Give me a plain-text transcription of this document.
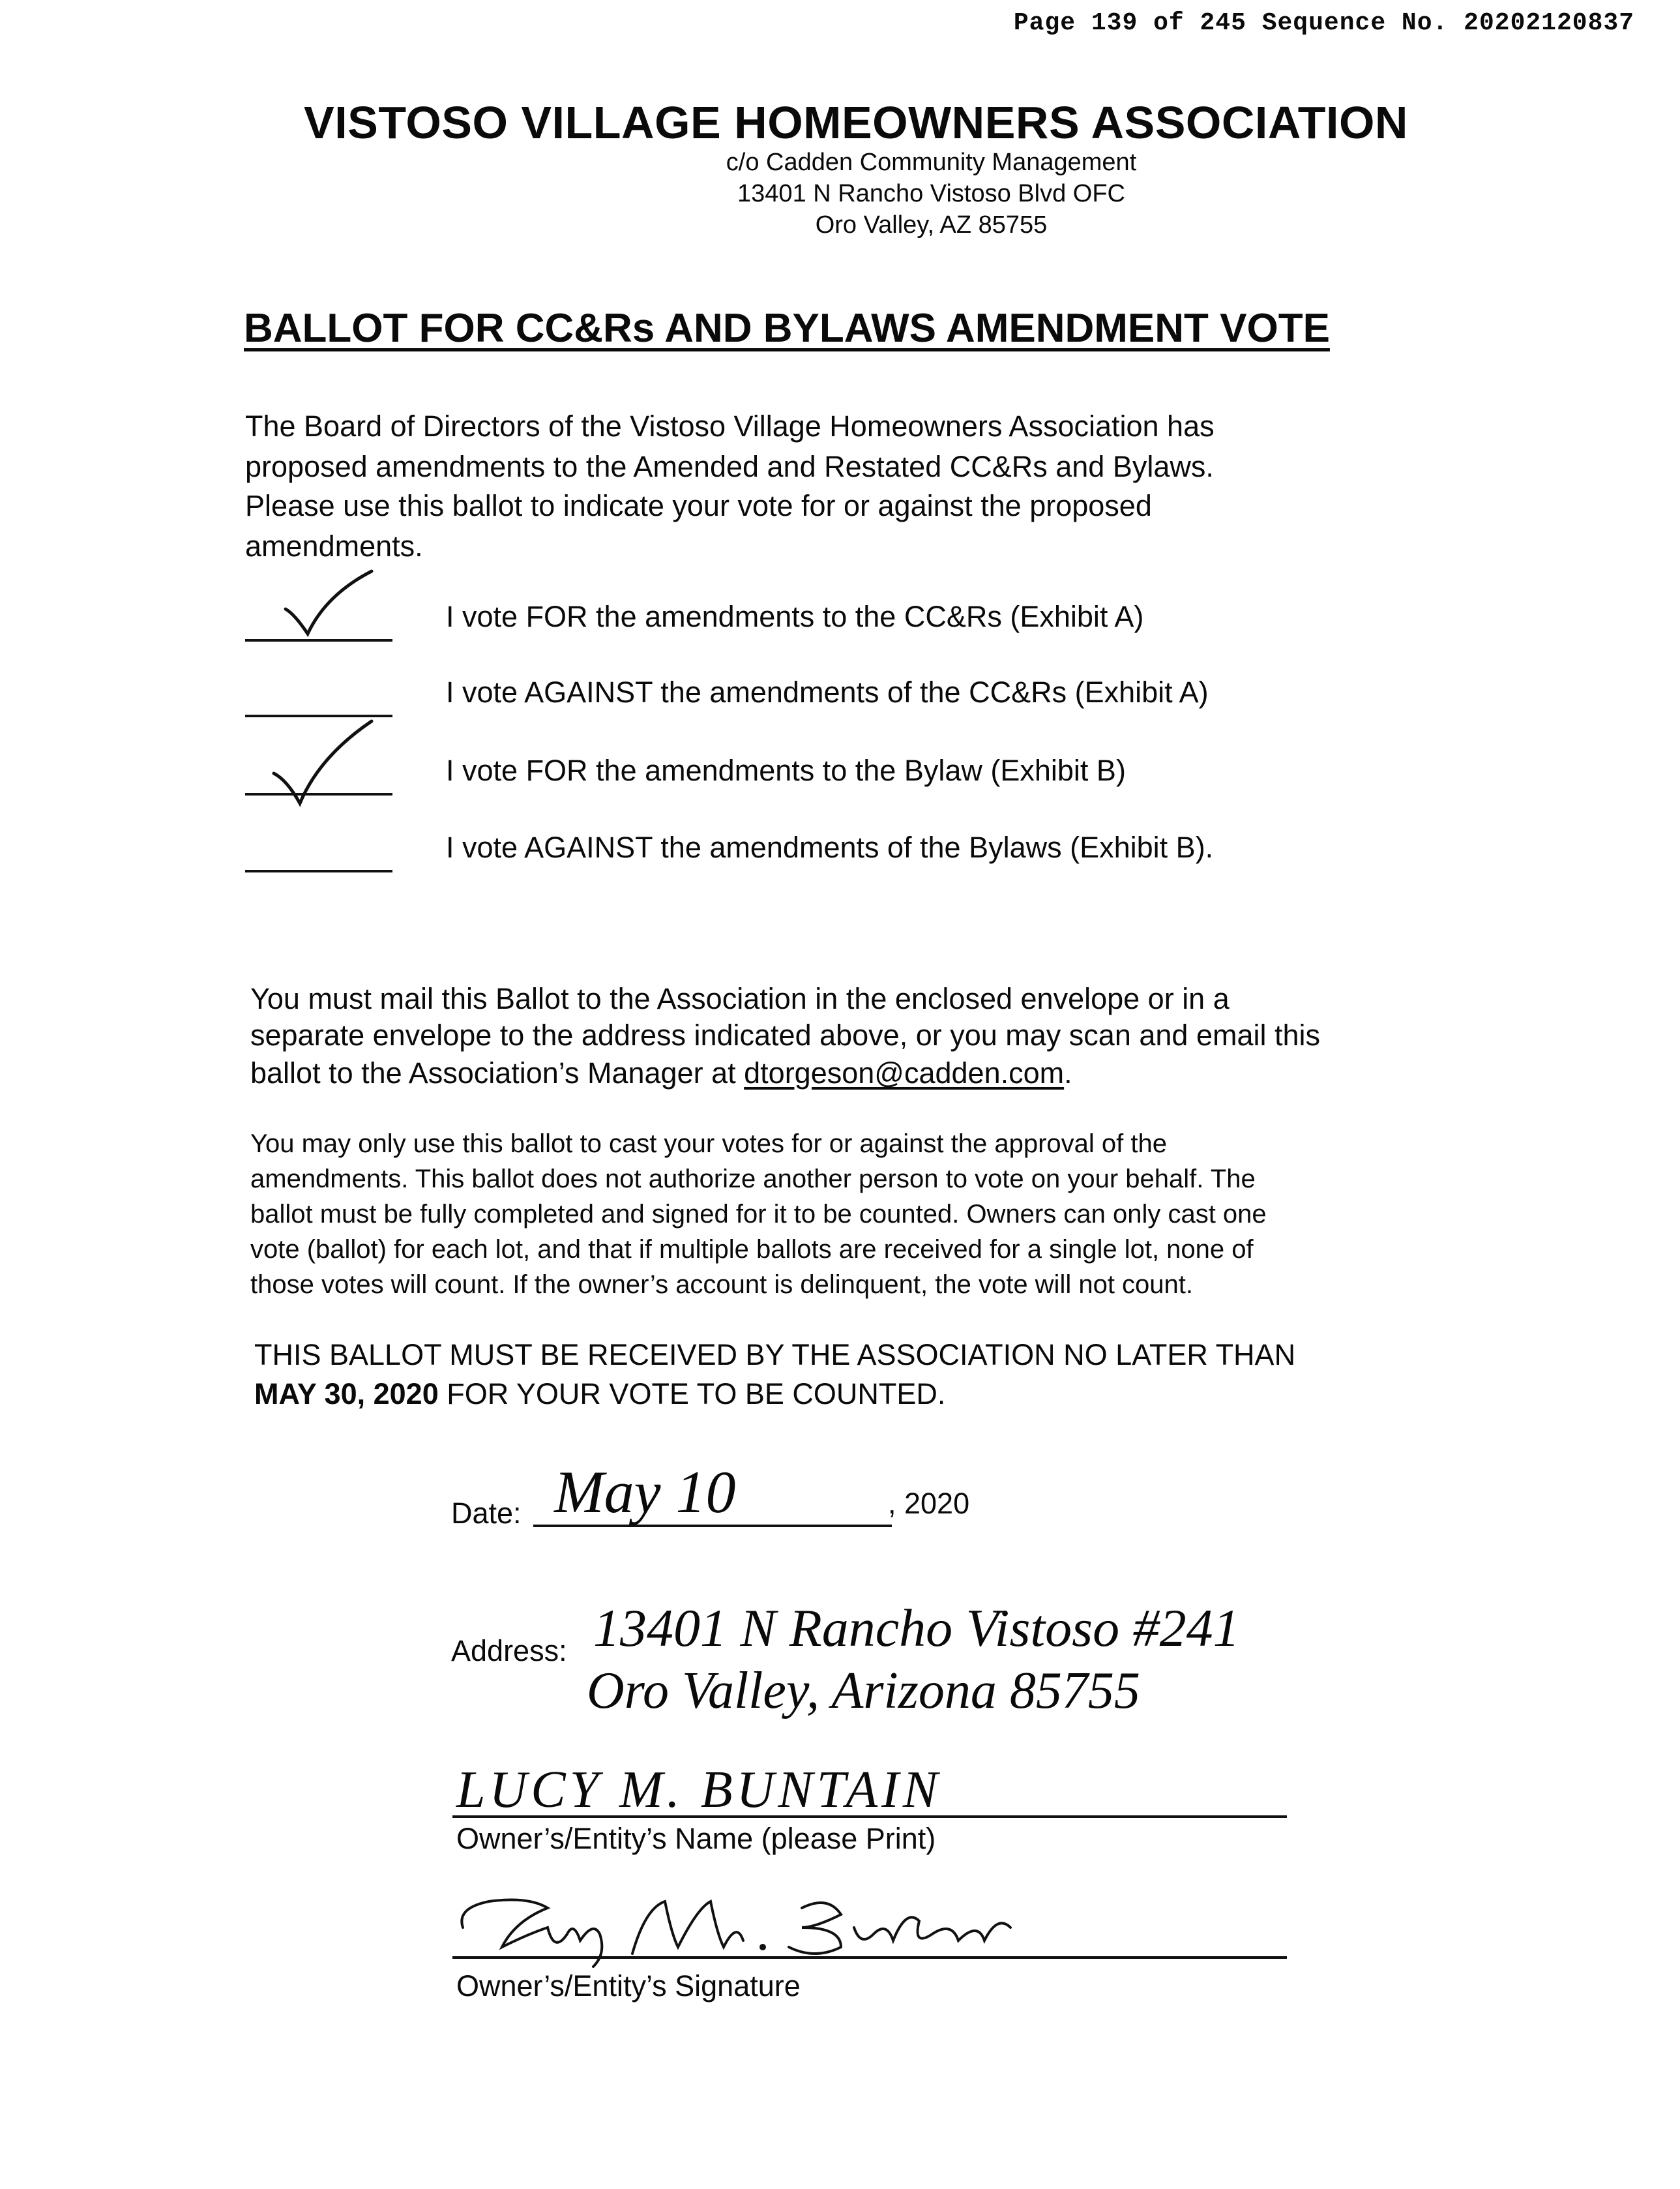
Page 139 of 245 Sequence No. 20202120837
VISTOSO VILLAGE HOMEOWNERS ASSOCIATION
c/o Cadden Community Management
13401 N Rancho Vistoso Blvd OFC
Oro Valley, AZ 85755
BALLOT FOR CC&Rs AND BYLAWS AMENDMENT VOTE
The Board of Directors of the Vistoso Village Homeowners Association has
proposed amendments to the Amended and Restated CC&Rs and Bylaws.
Please use this ballot to indicate your vote for or against the proposed
amendments.
I vote FOR the amendments to the CC&Rs (Exhibit A)
I vote AGAINST the amendments of the CC&Rs (Exhibit A)
I vote FOR the amendments to the Bylaw (Exhibit B)
I vote AGAINST the amendments of the Bylaws (Exhibit B).
You must mail this Ballot to the Association in the enclosed envelope or in a
separate envelope to the address indicated above, or you may scan and email this
ballot to the Association’s Manager at dtorgeson@cadden.com.
You may only use this ballot to cast your votes for or against the approval of the
amendments. This ballot does not authorize another person to vote on your behalf. The
ballot must be fully completed and signed for it to be counted. Owners can only cast one
vote (ballot) for each lot, and that if multiple ballots are received for a single lot, none of
those votes will count. If the owner’s account is delinquent, the vote will not count.
THIS BALLOT MUST BE RECEIVED BY THE ASSOCIATION NO LATER THAN
MAY 30, 2020 FOR YOUR VOTE TO BE COUNTED.
Date: May 10	, 2020
Address: 13401 N Rancho Vistoso #241
Oro Valley, Arizona 85755
LUCY M. BUNTAIN
Owner’s/Entity’s Name (please Print)
Owner’s/Entity’s Signature
